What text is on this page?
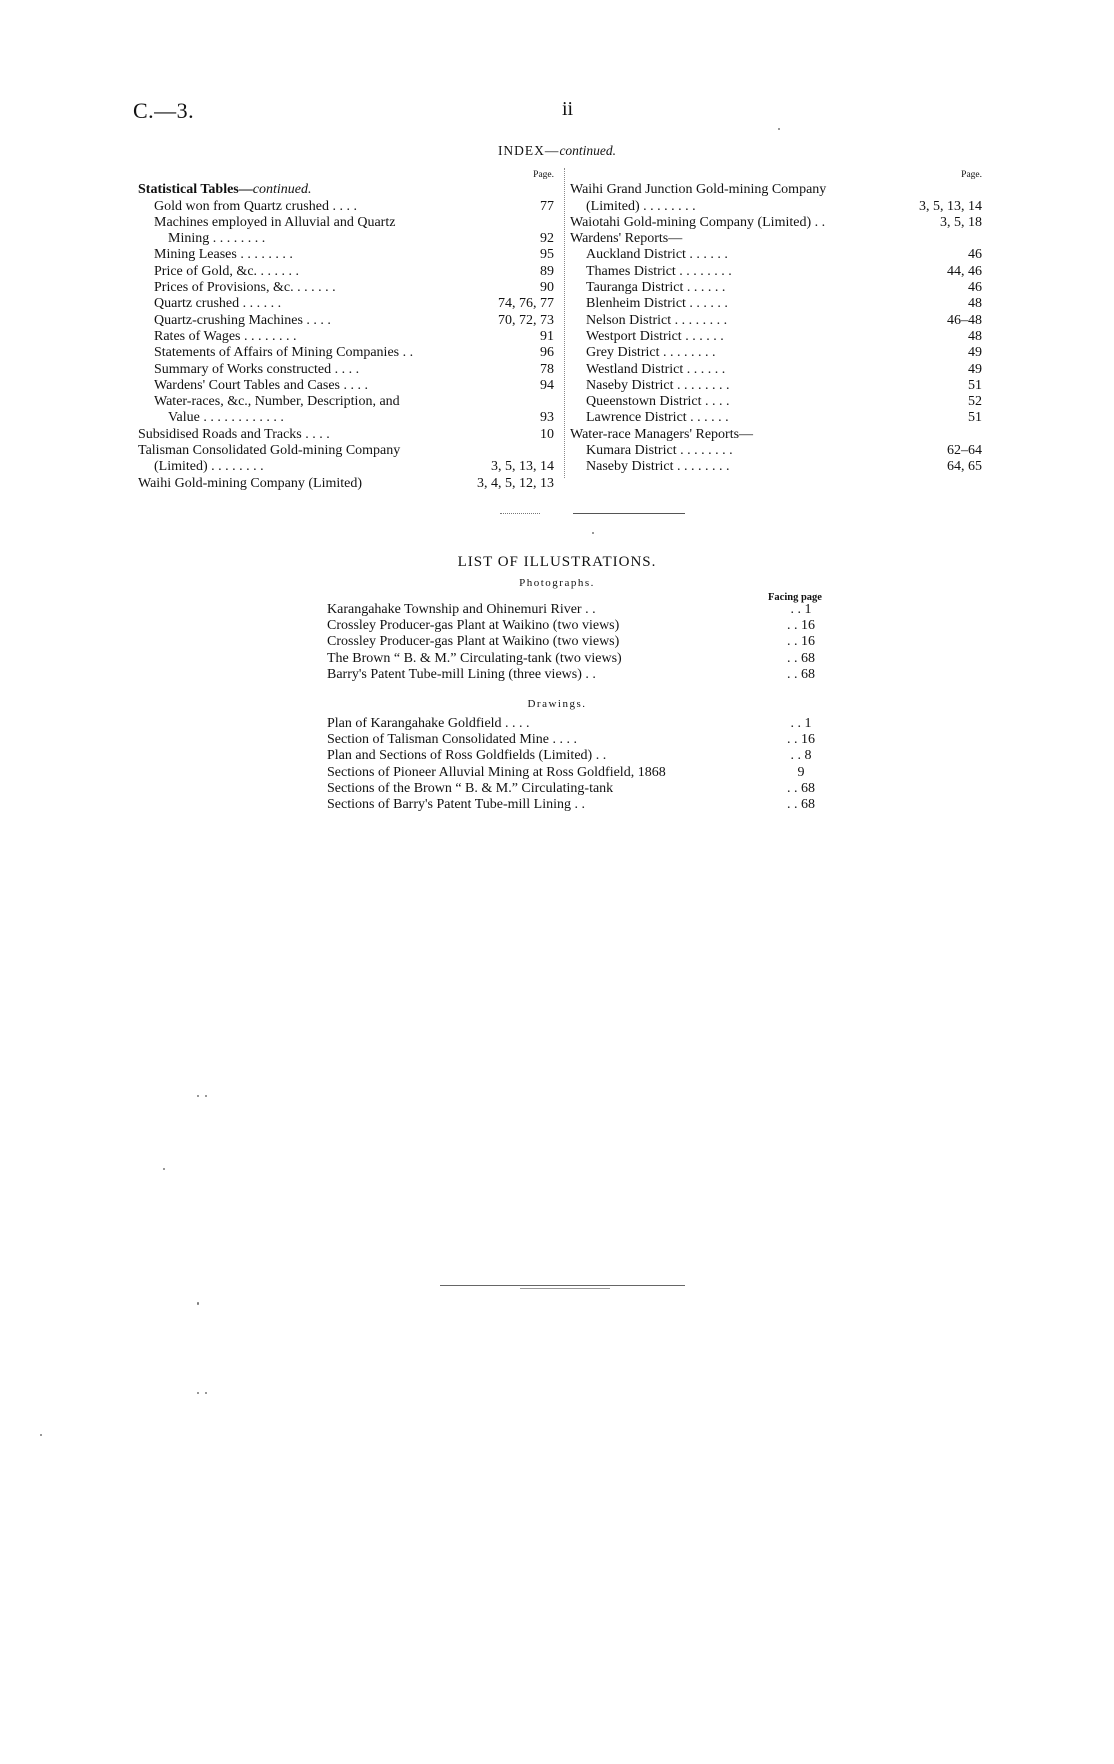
C.—3.	ii
INDEX—continued.
Page.
Statistical Tables—continued.
Gold won from Quartz crushed . . . .	77
Machines employed in Alluvial and Quartz
Mining . . . . . . . .	92
Mining Leases . . . . . . . .	95
Price of Gold, &c. . . . . . .	89
Prices of Provisions, &c. . . . . . .	90
Quartz crushed . . . . . .	74, 76, 77
Quartz-crushing Machines . . . .	70, 72, 73
Rates of Wages . . . . . . . .	91
Statements of Affairs of Mining Companies . .	96
Summary of Works constructed . . . .	78
Wardens' Court Tables and Cases . . . .	94
Water-races, &c., Number, Description, and
Value . . . . . . . . . . . .	93
Subsidised Roads and Tracks . . . .	10
Talisman Consolidated Gold-mining Company
(Limited) . . . . . . . .	3, 5, 13, 14
Waihi Gold-mining Company (Limited)	3, 4, 5, 12, 13
Page.
Waihi Grand Junction Gold-mining Company
(Limited) . . . . . . . .	3, 5, 13, 14
Waiotahi Gold-mining Company (Limited) . .	3, 5, 18
Wardens' Reports—
Auckland District . . . . . .	46
Thames District . . . . . . . .	44, 46
Tauranga District . . . . . .	46
Blenheim District . . . . . .	48
Nelson District . . . . . . . .	46–48
Westport District . . . . . .	48
Grey District . . . . . . . .	49
Westland District . . . . . .	49
Naseby District . . . . . . . .	51
Queenstown District . . . .	52
Lawrence District . . . . . .	51
Water-race Managers' Reports—
Kumara District . . . . . . . .	62–64
Naseby District . . . . . . . .	64, 65
LIST OF ILLUSTRATIONS.
Photographs.
Facing page
Karangahake Township and Ohinemuri River . .	. . 1
Crossley Producer-gas Plant at Waikino (two views)	. . 16
Crossley Producer-gas Plant at Waikino (two views)	. . 16
The Brown “ B. & M.” Circulating-tank (two views)	. . 68
Barry's Patent Tube-mill Lining (three views) . .	. . 68
Drawings.
Plan of Karangahake Goldfield . . . .	. . 1
Section of Talisman Consolidated Mine . . . .	. . 16
Plan and Sections of Ross Goldfields (Limited) . .	. . 8
Sections of Pioneer Alluvial Mining at Ross Goldfield, 1868	9
Sections of the Brown “ B. & M.” Circulating-tank	. . 68
Sections of Barry's Patent Tube-mill Lining . .	. . 68
